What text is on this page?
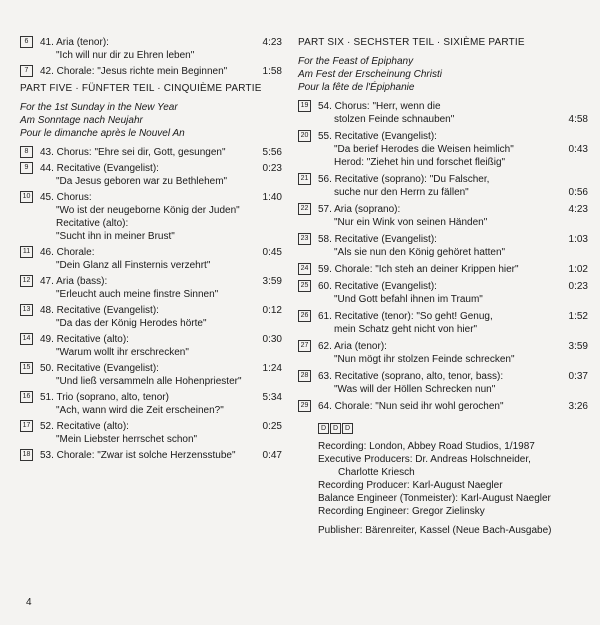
6	41. Aria (tenor):	4:23
"Ich will nur dir zu Ehren leben"
7	42. Chorale: "Jesus richte mein Beginnen"	1:58
PART FIVE · FÜNFTER TEIL · CINQUIÈME PARTIE
For the 1st Sunday in the New Year
Am Sonntage nach Neujahr
Pour le dimanche après le Nouvel An
8	43. Chorus: "Ehre sei dir, Gott, gesungen"	5:56
9	44. Recitative (Evangelist):	0:23
"Da Jesus geboren war zu Bethlehem"
10 45. Chorus:	1:40
"Wo ist der neugeborne König der Juden"
Recitative (alto):
"Sucht ihn in meiner Brust"
11 46. Chorale:	0:45
"Dein Glanz all Finsternis verzehrt"
12 47. Aria (bass):	3:59
"Erleucht auch meine finstre Sinnen"
13 48. Recitative (Evangelist):	0:12
"Da das der König Herodes hörte"
14 49. Recitative (alto):	0:30
"Warum wollt ihr erschrecken"
15 50. Recitative (Evangelist):	1:24
"Und ließ versammeln alle Hohenpriester"
16 51. Trio (soprano, alto, tenor)	5:34
"Ach, wann wird die Zeit erscheinen?"
17 52. Recitative (alto):	0:25
"Mein Liebster herrschet schon"
18 53. Chorale: "Zwar ist solche Herzensstube"	0:47
PART SIX · SECHSTER TEIL · SIXIÈME PARTIE
For the Feast of Epiphany
Am Fest der Erscheinung Christi
Pour la fête de l'Épiphanie
19 54. Chorus: "Herr, wenn die
stolzen Feinde schnauben"	4:58
20 55. Recitative (Evangelist):
"Da berief Herodes die Weisen heimlich"	0:43
Herod: "Ziehet hin und forschet fleißig"
21 56. Recitative (soprano): "Du Falscher,
suche nur den Herrn zu fällen"	0:56
22 57. Aria (soprano):	4:23
"Nur ein Wink von seinen Händen"
23 58. Recitative (Evangelist):	1:03
"Als sie nun den König gehöret hatten"
24 59. Chorale: "Ich steh an deiner Krippen hier"	1:02
25 60. Recitative (Evangelist):	0:23
"Und Gott befahl ihnen im Traum"
26 61. Recitative (tenor): "So geht! Genug,	1:52
mein Schatz geht nicht von hier"
27 62. Aria (tenor):	3:59
"Nun mögt ihr stolzen Feinde schrecken"
28 63. Recitative (soprano, alto, tenor, bass):	0:37
"Was will der Höllen Schrecken nun"
29 64. Chorale: "Nun seid ihr wohl gerochen"	3:26
D D D
Recording: London, Abbey Road Studios, 1/1987
Executive Producers: Dr. Andreas Holschneider,
Charlotte Kriesch
Recording Producer: Karl-August Naegler
Balance Engineer (Tonmeister): Karl-August Naegler
Recording Engineer: Gregor Zielinsky
Publisher: Bärenreiter, Kassel (Neue Bach-Ausgabe)
4
